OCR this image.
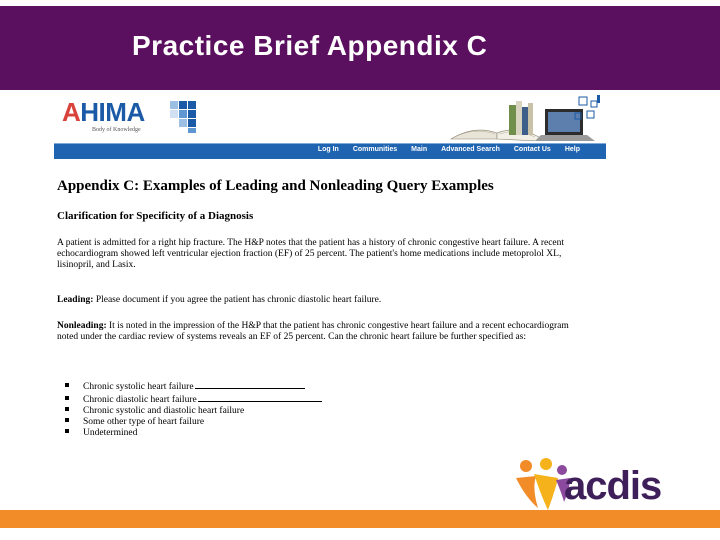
Practice Brief Appendix C
AHIMA
Body of Knowledge
Log In Communities Main Advanced Search Contact Us Help
Appendix C: Examples of Leading and Nonleading Query Examples
Clarification for Specificity of a Diagnosis
A patient is admitted for a right hip fracture. The H&P notes that the patient has a history of chronic congestive heart failure. A recent echocardiogram showed left ventricular ejection fraction (EF) of 25 percent. The patient's home medications include metoprolol XL, lisinopril, and Lasix.
Leading: Please document if you agree the patient has chronic diastolic heart failure.
Nonleading: It is noted in the impression of the H&P that the patient has chronic congestive heart failure and a recent echocardiogram noted under the cardiac review of systems reveals an EF of 25 percent. Can the chronic heart failure be further specified as:
Chronic systolic heart failure
Chronic diastolic heart failure
Chronic systolic and diastolic heart failure
Some other type of heart failure
Undetermined
acdis
